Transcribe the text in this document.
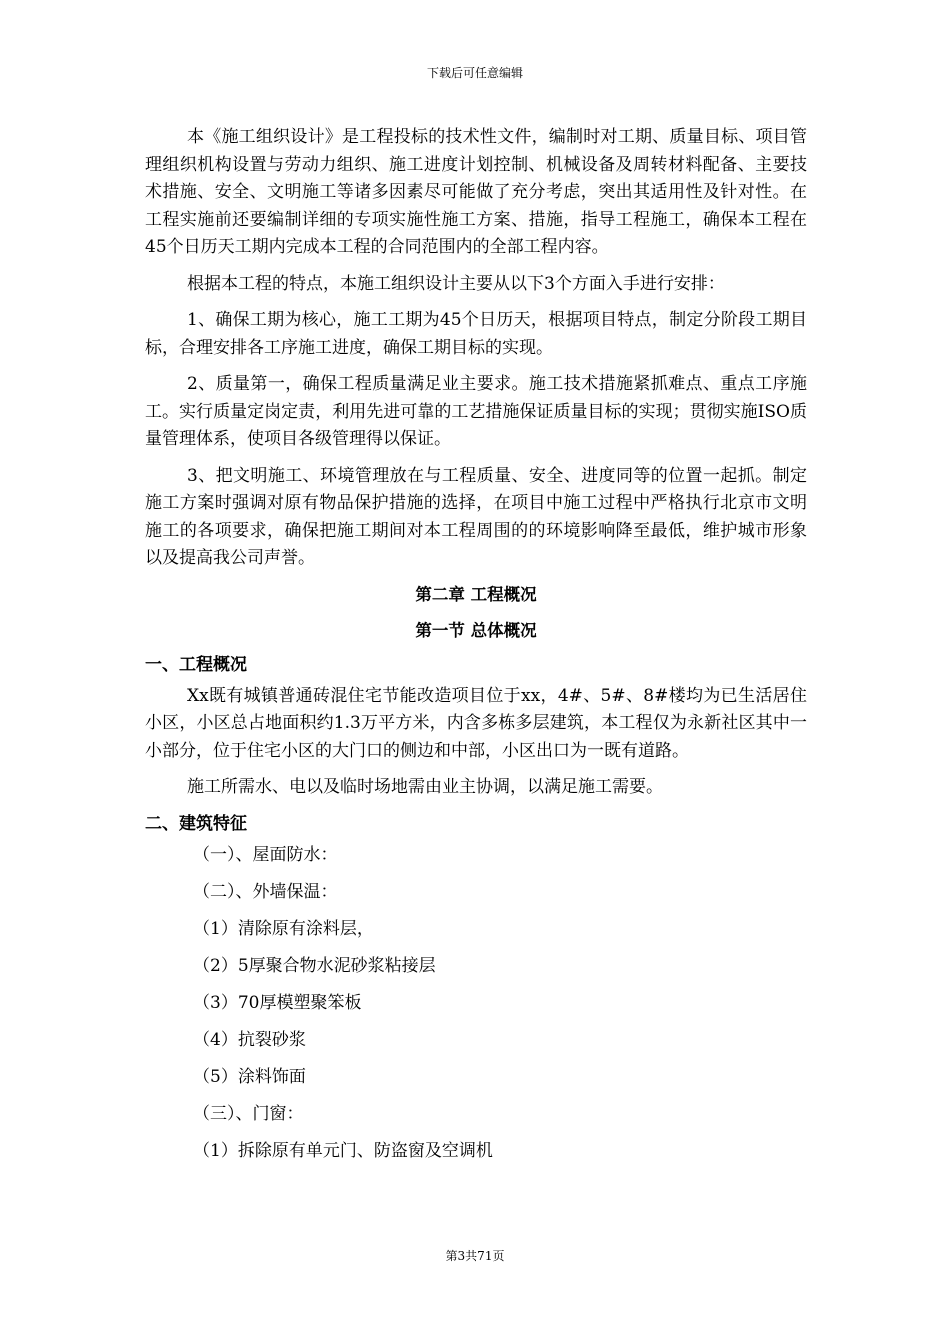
下载后可任意编辑

本《施工组织设计》是工程投标的技术性文件，编制时对工期、质量目标、项目管理组织机构设置与劳动力组织、施工进度计划控制、机械设备及周转材料配备、主要技术措施、安全、文明施工等诸多因素尽可能做了充分考虑，突出其适用性及针对性。在工程实施前还要编制详细的专项实施性施工方案、措施，指导工程施工，确保本工程在45个日历天工期内完成本工程的合同范围内的全部工程内容。

根据本工程的特点，本施工组织设计主要从以下3个方面入手进行安排：

1、确保工期为核心，施工工期为45个日历天，根据项目特点，制定分阶段工期目标，合理安排各工序施工进度，确保工期目标的实现。

2、质量第一，确保工程质量满足业主要求。施工技术措施紧抓难点、重点工序施工。实行质量定岗定责，利用先进可靠的工艺措施保证质量目标的实现；贯彻实施ISO质量管理体系，使项目各级管理得以保证。

3、把文明施工、环境管理放在与工程质量、安全、进度同等的位置一起抓。制定施工方案时强调对原有物品保护措施的选择，在项目中施工过程中严格执行北京市文明施工的各项要求，确保把施工期间对本工程周围的的环境影响降至最低，维护城市形象以及提高我公司声誉。

第二章 工程概况

第一节 总体概况

一、工程概况

Xx既有城镇普通砖混住宅节能改造项目位于xx，4#、5#、8#楼均为已生活居住小区，小区总占地面积约1.3万平方米，内含多栋多层建筑，本工程仅为永新社区其中一小部分，位于住宅小区的大门口的侧边和中部，小区出口为一既有道路。

施工所需水、电以及临时场地需由业主协调，以满足施工需要。

二、建筑特征

（一）、屋面防水：

（二）、外墙保温：

（1）清除原有涂料层，

（2）5厚聚合物水泥砂浆粘接层

（3）70厚模塑聚笨板

（4）抗裂砂浆

（5）涂料饰面

（三）、门窗：

（1）拆除原有单元门、防盗窗及空调机

第3共71页
